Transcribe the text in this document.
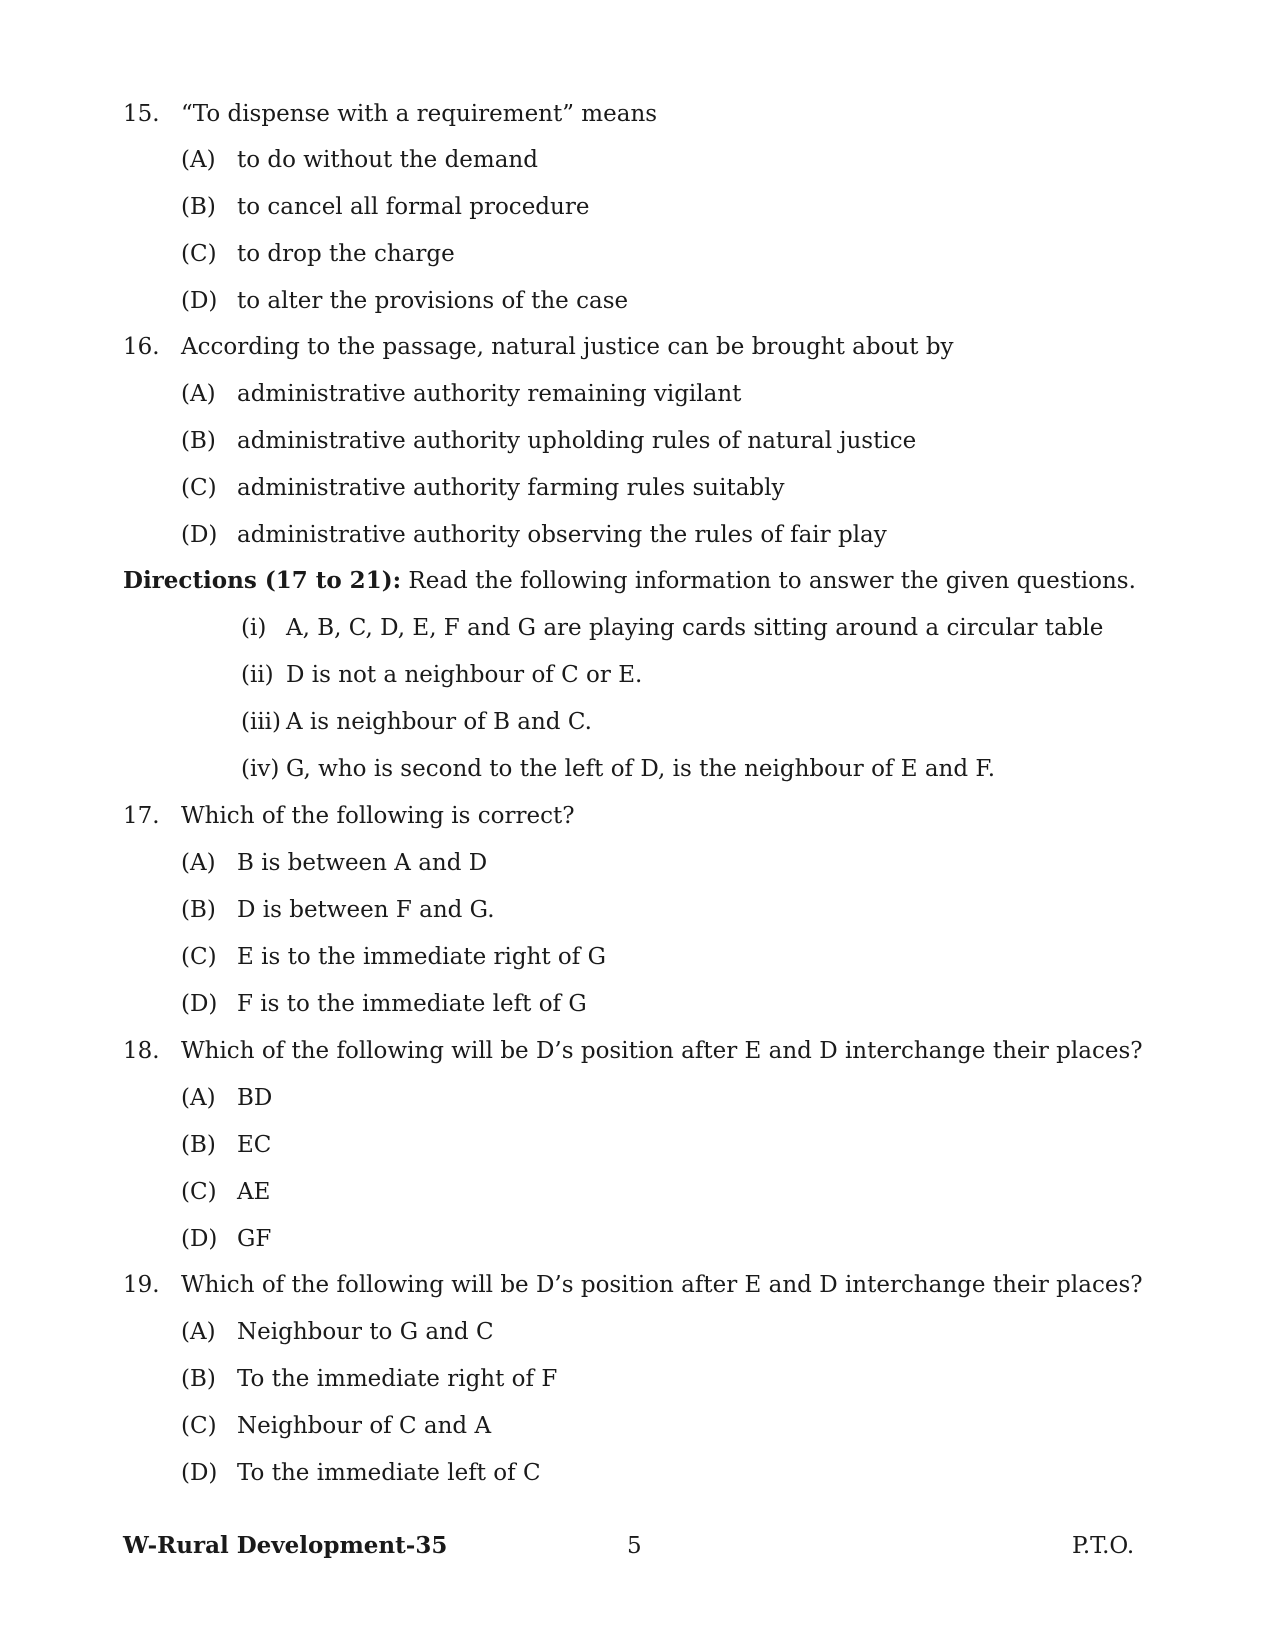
15. “To dispense with a requirement” means
(A) to do without the demand
(B) to cancel all formal procedure
(C) to drop the charge
(D) to alter the provisions of the case
16. According to the passage, natural justice can be brought about by
(A) administrative authority remaining vigilant
(B) administrative authority upholding rules of natural justice
(C) administrative authority farming rules suitably
(D) administrative authority observing the rules of fair play
Directions (17 to 21): Read the following information to answer the given questions.
(i) A, B, C, D, E, F and G are playing cards sitting around a circular table
(ii) D is not a neighbour of C or E.
(iii) A is neighbour of B and C.
(iv) G, who is second to the left of D, is the neighbour of E and F.
17. Which of the following is correct?
(A) B is between A and D
(B) D is between F and G.
(C) E is to the immediate right of G
(D) F is to the immediate left of G
18. Which of the following will be D’s position after E and D interchange their places?
(A) BD
(B) EC
(C) AE
(D) GF
19. Which of the following will be D’s position after E and D interchange their places?
(A) Neighbour to G and C
(B) To the immediate right of F
(C) Neighbour of C and A
(D) To the immediate left of C
W-Rural Development-35	5	P.T.O.
